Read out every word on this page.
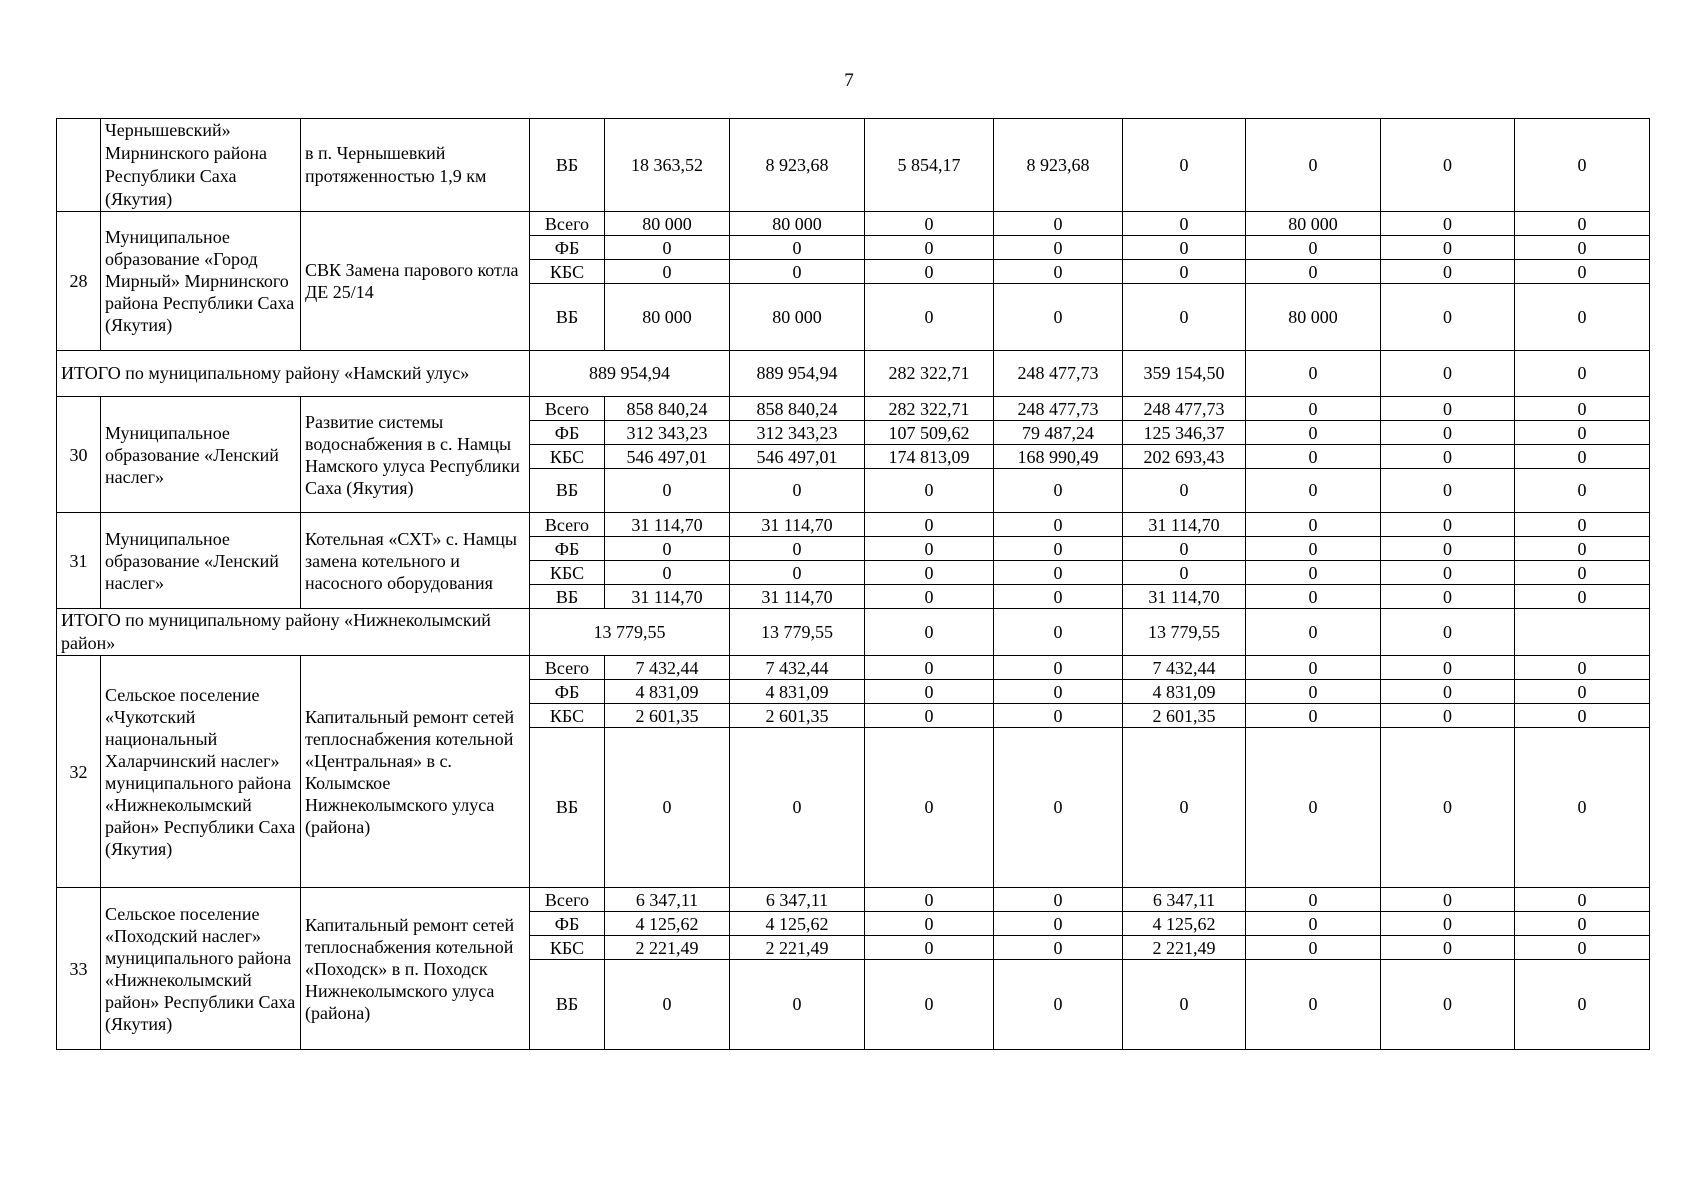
7
	Чернышевский» Мирнинского района Республики Саха (Якутия)	в п. Чернышевкий протяженностью 1,9 км	ВБ	18 363,52	8 923,68	5 854,17	8 923,68	0	0	0	0
28	Муниципальное образование «Город Мирный» Мирнинского района Республики Саха (Якутия)	СВК Замена парового котла ДЕ 25/14	Всего	80 000	80 000	0	0	0	80 000	0	0
			ФБ	0	0	0	0	0	0	0	0
			КБС	0	0	0	0	0	0	0	0
			ВБ	80 000	80 000	0	0	0	80 000	0	0
ИТОГО по муниципальному району «Намский улус»			889 954,94		889 954,94	282 322,71	248 477,73	359 154,50	0	0	0
30	Муниципальное образование «Ленский наслег»	Развитие системы водоснабжения в с. Намцы Намского улуса Республики Саха (Якутия)	Всего	858 840,24	858 840,24	282 322,71	248 477,73	248 477,73	0	0	0
			ФБ	312 343,23	312 343,23	107 509,62	79 487,24	125 346,37	0	0	0
			КБС	546 497,01	546 497,01	174 813,09	168 990,49	202 693,43	0	0	0
			ВБ	0	0	0	0	0	0	0	0
31	Муниципальное образование «Ленский наслег»	Котельная «СХТ» с. Намцы замена котельного и насосного оборудования	Всего	31 114,70	31 114,70	0	0	31 114,70	0	0	0
			ФБ	0	0	0	0	0	0	0	0
			КБС	0	0	0	0	0	0	0	0
			ВБ	31 114,70	31 114,70	0	0	31 114,70	0	0	0
ИТОГО по муниципальному району «Нижнеколымский район»			13 779,55		13 779,55	0	0	13 779,55	0	0	
32	Сельское поселение «Чукотский национальный Халарчинский наслег» муниципального района «Нижнеколымский район» Республики Саха (Якутия)	Капитальный ремонт сетей теплоснабжения котельной «Центральная» в с. Колымское Нижнеколымского улуса (района)	Всего	7 432,44	7 432,44	0	0	7 432,44	0	0	0
			ФБ	4 831,09	4 831,09	0	0	4 831,09	0	0	0
			КБС	2 601,35	2 601,35	0	0	2 601,35	0	0	0
			ВБ	0	0	0	0	0	0	0	0
33	Сельское поселение «Походский наслег» муниципального района «Нижнеколымский район» Республики Саха (Якутия)	Капитальный ремонт сетей теплоснабжения котельной «Походск» в п. Походск Нижнеколымского улуса (района)	Всего	6 347,11	6 347,11	0	0	6 347,11	0	0	0
			ФБ	4 125,62	4 125,62	0	0	4 125,62	0	0	0
			КБС	2 221,49	2 221,49	0	0	2 221,49	0	0	0
			ВБ	0	0	0	0	0	0	0	0
